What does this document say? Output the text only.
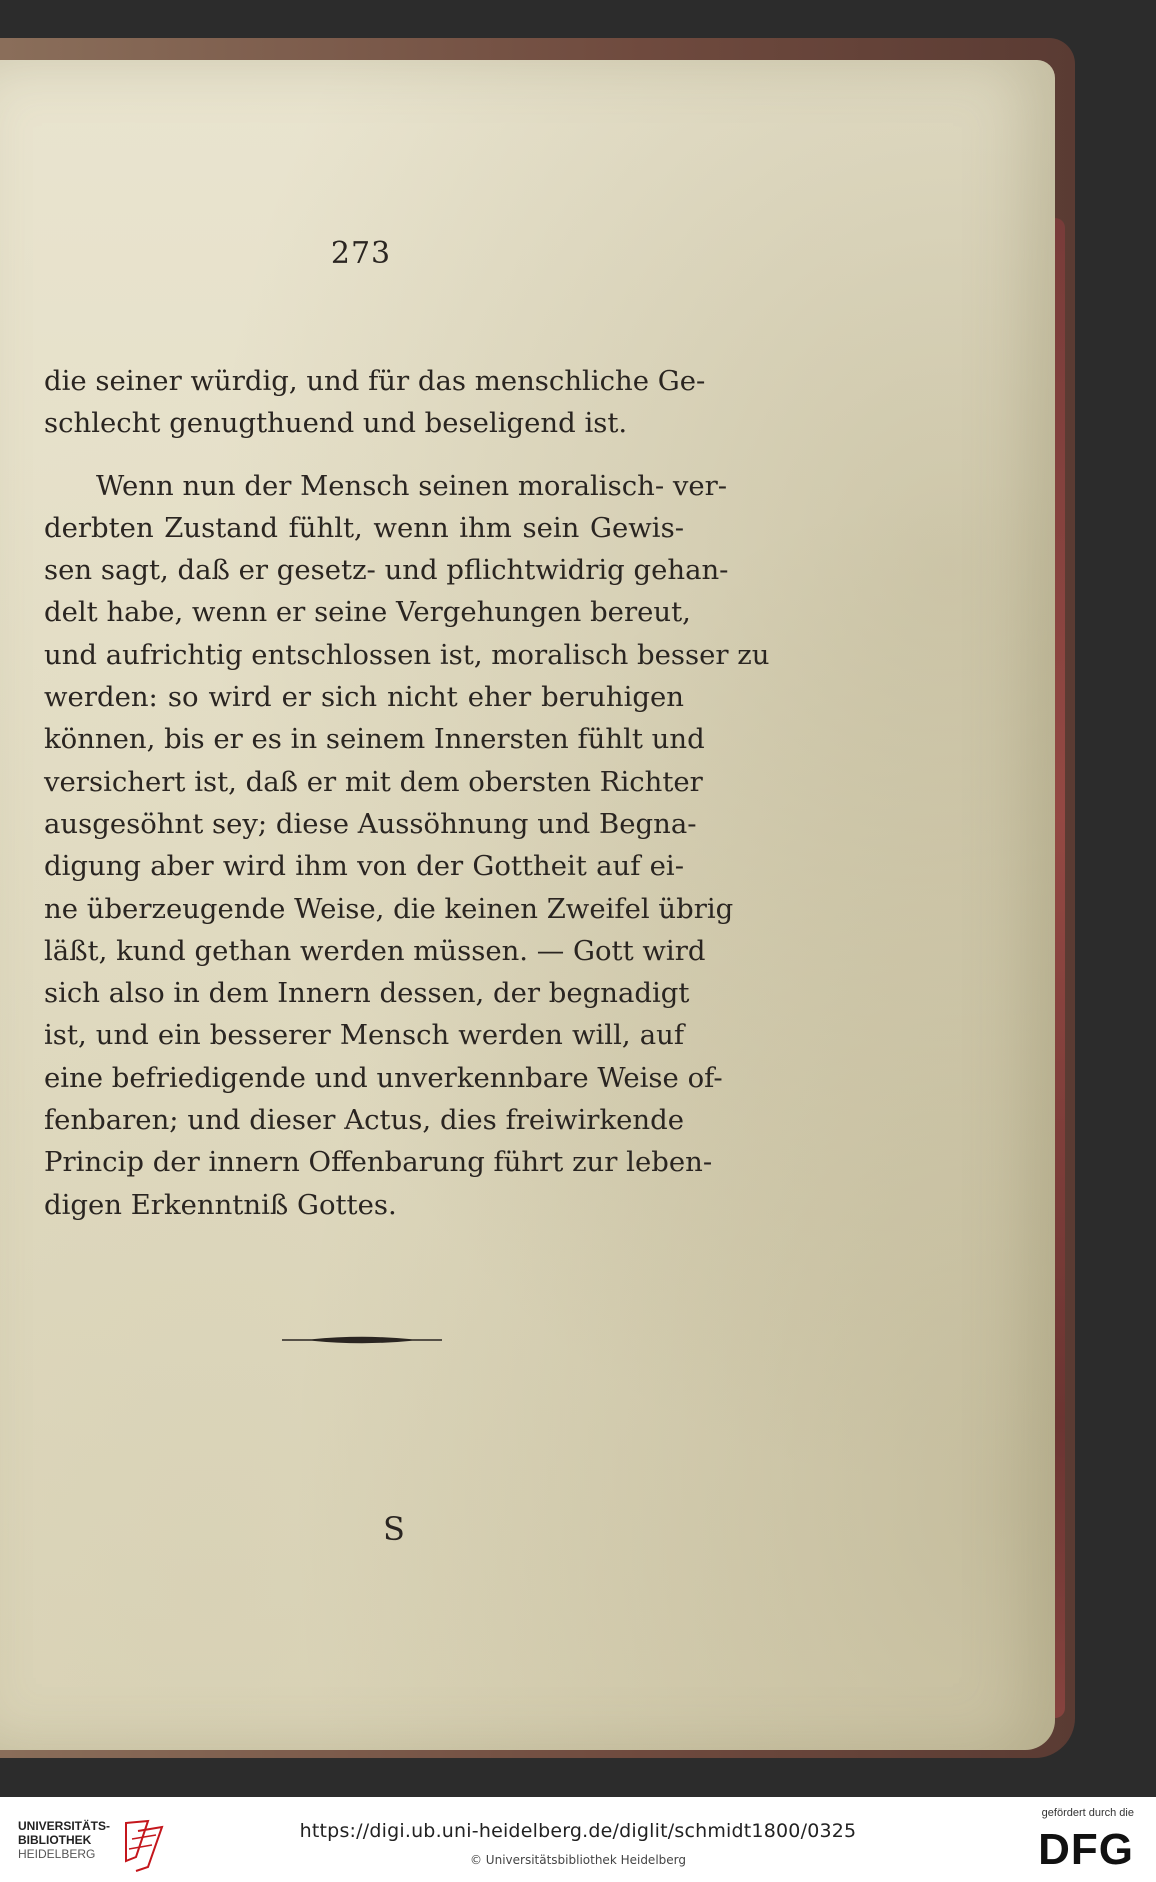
273
die seiner würdig, und für das menschliche Ge-
schlecht genugthuend und beseligend ist.
Wenn nun der Mensch seinen moralisch- ver-
derbten Zustand fühlt, wenn ihm sein Gewis-
sen sagt, daß er gesetz- und pflichtwidrig gehan-
delt habe, wenn er seine Vergehungen bereut,
und aufrichtig entschlossen ist, moralisch besser zu
werden: so wird er sich nicht eher beruhigen
können, bis er es in seinem Innersten fühlt und
versichert ist, daß er mit dem obersten Richter
ausgesöhnt sey; diese Aussöhnung und Begna-
digung aber wird ihm von der Gottheit auf ei-
ne überzeugende Weise, die keinen Zweifel übrig
läßt, kund gethan werden müssen. — Gott wird
sich also in dem Innern dessen, der begnadigt
ist, und ein besserer Mensch werden will, auf
eine befriedigende und unverkennbare Weise of-
fenbaren; und dieser Actus, dies freiwirkende
Princip der innern Offenbarung führt zur leben-
digen Erkenntniß Gottes.
S
UNIVERSITÄTS-
BIBLIOTHEK
HEIDELBERG
https://digi.ub.uni-heidelberg.de/diglit/schmidt1800/0325
© Universitätsbibliothek Heidelberg
gefördert durch die
DFG
